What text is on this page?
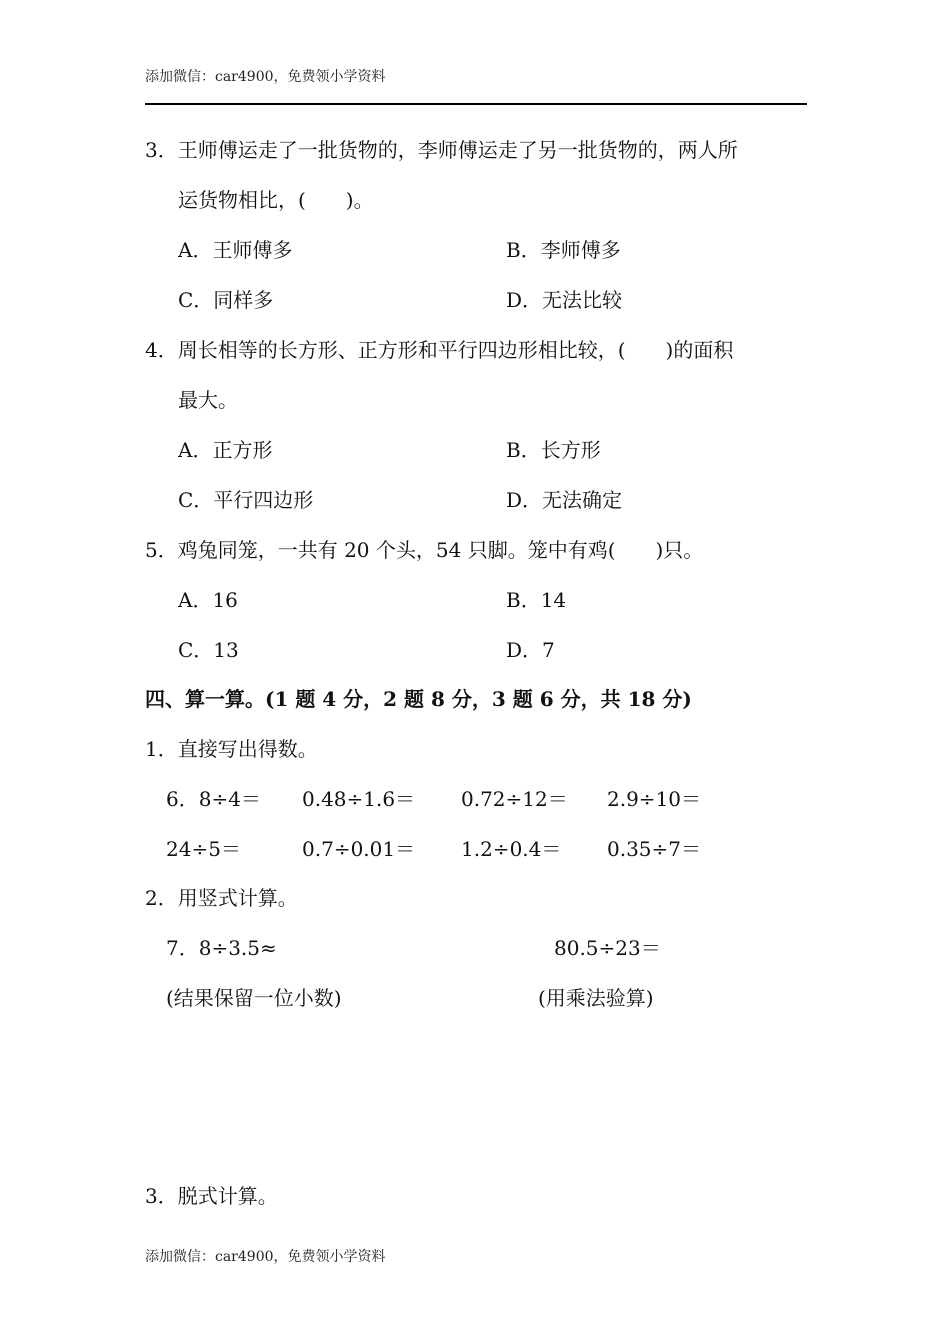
添加微信：car4900，免费领小学资料
3．王师傅运走了一批货物的，李师傅运走了另一批货物的，两人所
运货物相比，(　　)。
A．王师傅多	B．李师傅多
C．同样多	D．无法比较
4．周长相等的长方形、正方形和平行四边形相比较，(　　)的面积
最大。
A．正方形	B．长方形
C．平行四边形	D．无法确定
5．鸡兔同笼，一共有 20 个头，54 只脚。笼中有鸡(　　)只。
A．16	B．14
C．13	D．7
四、算一算。(1 题 4 分，2 题 8 分，3 题 6 分，共 18 分)
1．直接写出得数。
6．8÷4＝ 0.48÷1.6＝ 0.72÷12＝ 2.9÷10＝
24÷5＝	0.7÷0.01＝ 1.2÷0.4＝ 0.35÷7＝
2．用竖式计算。
7．8÷3.5≈	80.5÷23＝
(结果保留一位小数)	(用乘法验算)
3．脱式计算。
添加微信：car4900，免费领小学资料
